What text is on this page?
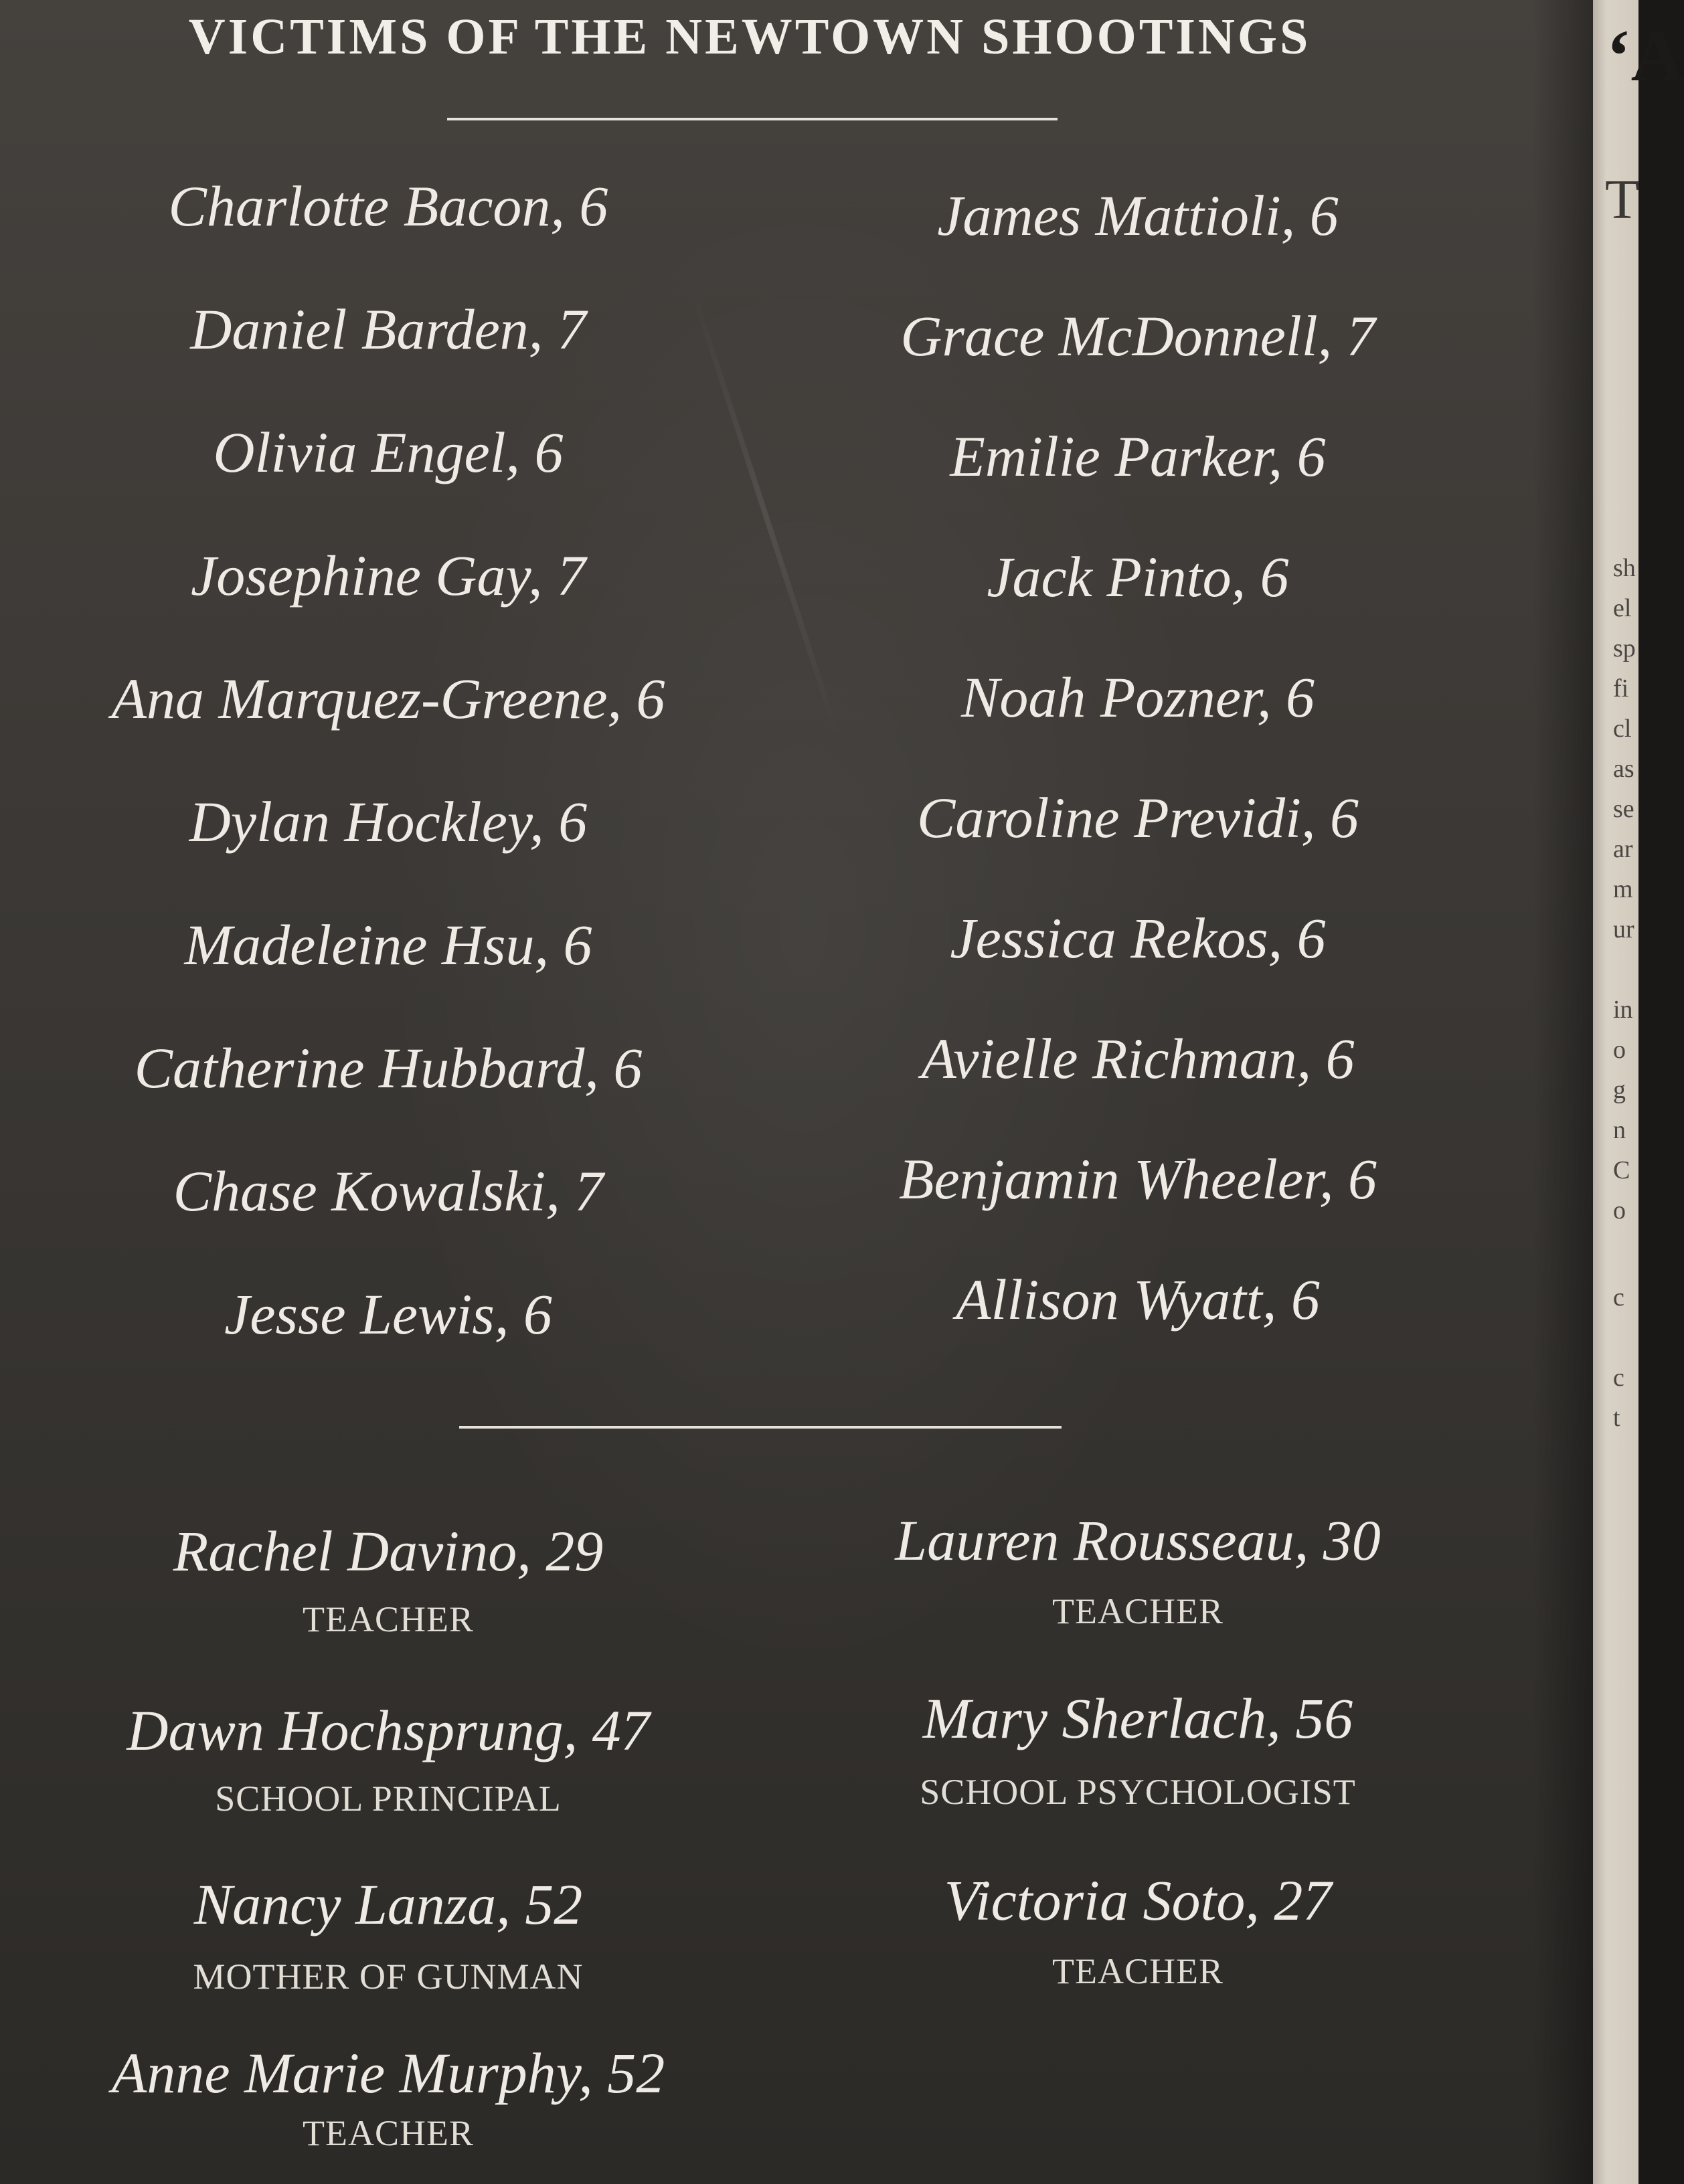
VICTIMS OF THE NEWTOWN SHOOTINGS
Charlotte Bacon, 6
Daniel Barden, 7
Olivia Engel, 6
Josephine Gay, 7
Ana Marquez-Greene, 6
Dylan Hockley, 6
Madeleine Hsu, 6
Catherine Hubbard, 6
Chase Kowalski, 7
Jesse Lewis, 6
James Mattioli, 6
Grace McDonnell, 7
Emilie Parker, 6
Jack Pinto, 6
Noah Pozner, 6
Caroline Previdi, 6
Jessica Rekos, 6
Avielle Richman, 6
Benjamin Wheeler, 6
Allison Wyatt, 6
Rachel Davino, 29
TEACHER
Dawn Hochsprung, 47
SCHOOL PRINCIPAL
Nancy Lanza, 52
MOTHER OF GUNMAN
Anne Marie Murphy, 52
TEACHER
Lauren Rousseau, 30
TEACHER
Mary Sherlach, 56
SCHOOL PSYCHOLOGIST
Victoria Soto, 27
TEACHER
‘A
T
sh
el
sp
fi
cl
as
se
ar
m
ur
in
o
g
n
C
o
c
c
t
